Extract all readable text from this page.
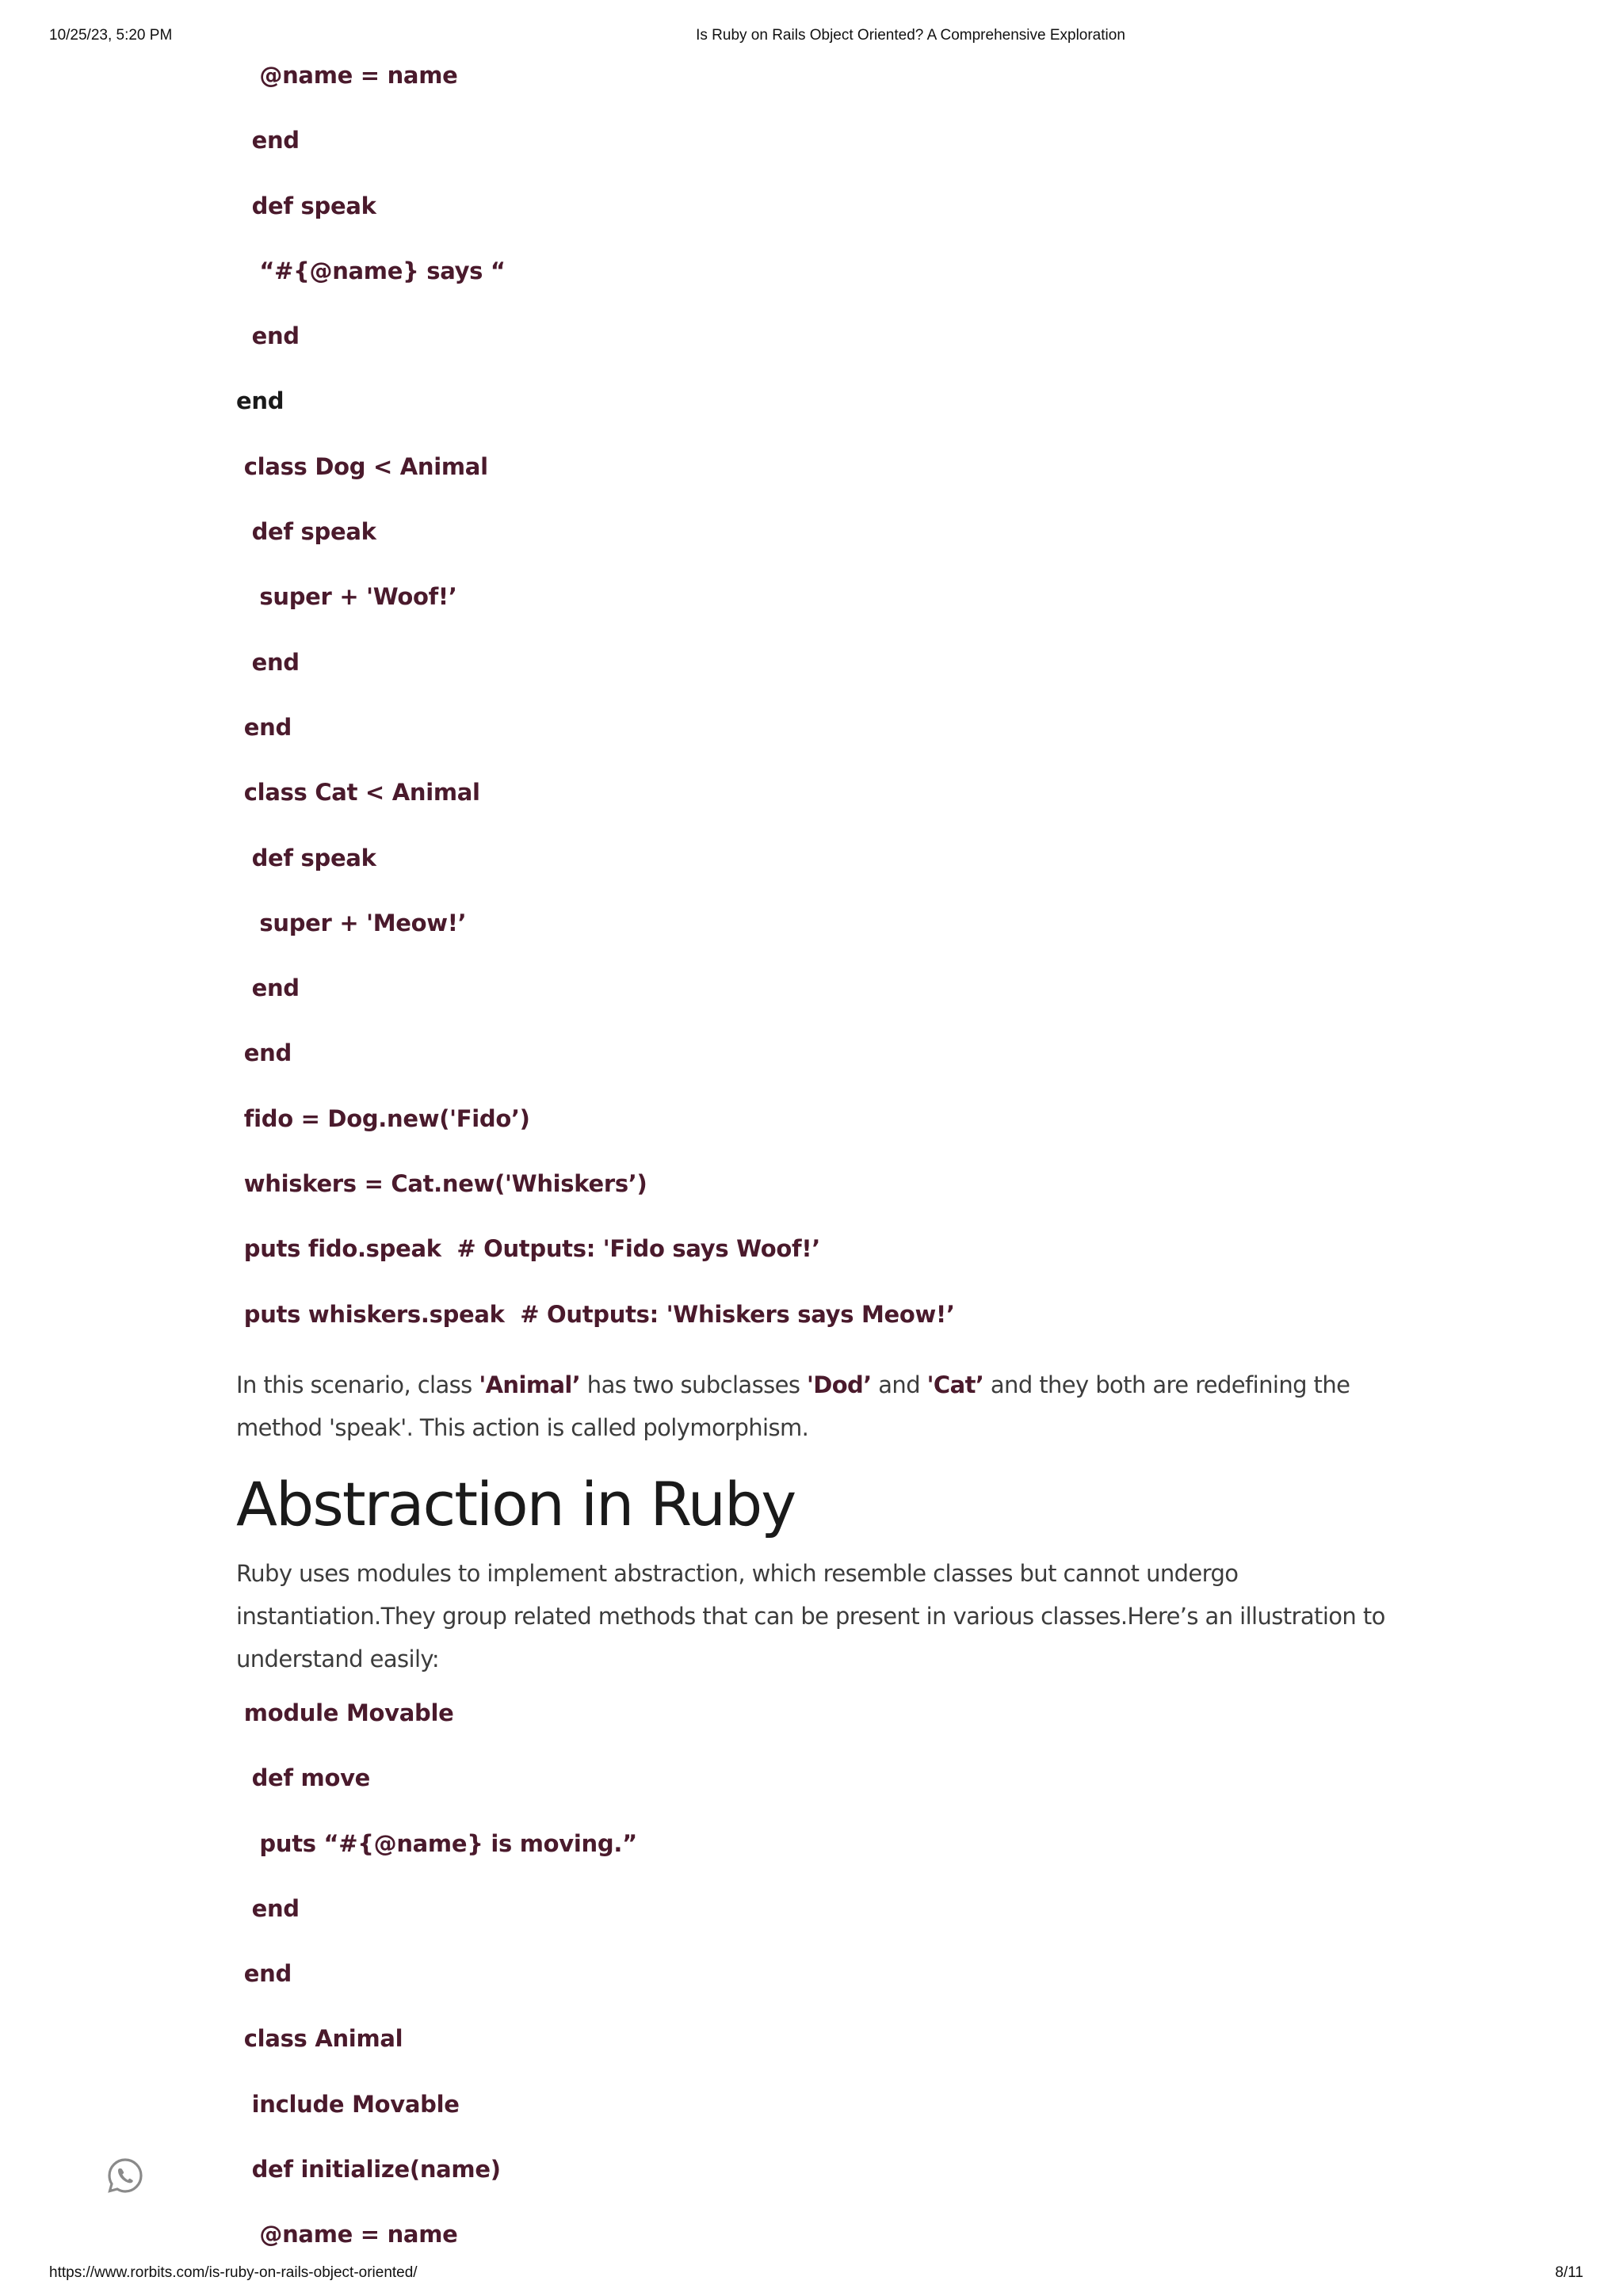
10/25/23, 5:20 PM	Is Ruby on Rails Object Oriented? A Comprehensive Exploration
@name = name
end
def speak
“#{@name} says “
end
end
class Dog < Animal
def speak
super + 'Woof!’
end
end
class Cat < Animal
def speak
super + 'Meow!’
end
end
fido = Dog.new('Fido’)
whiskers = Cat.new('Whiskers’)
puts fido.speak  # Outputs: 'Fido says Woof!’
puts whiskers.speak  # Outputs: 'Whiskers says Meow!’

In this scenario, class 'Animal’ has two subclasses 'Dod’ and 'Cat’ and they both are redefining the method 'speak'. This action is called polymorphism.

Abstraction in Ruby

Ruby uses modules to implement abstraction, which resemble classes but cannot undergo instantiation.They group related methods that can be present in various classes.Here’s an illustration to understand easily:

module Movable
def move
puts “#{@name} is moving.”
end
end
class Animal
include Movable
def initialize(name)
@name = name
https://www.rorbits.com/is-ruby-on-rails-object-oriented/	8/11
